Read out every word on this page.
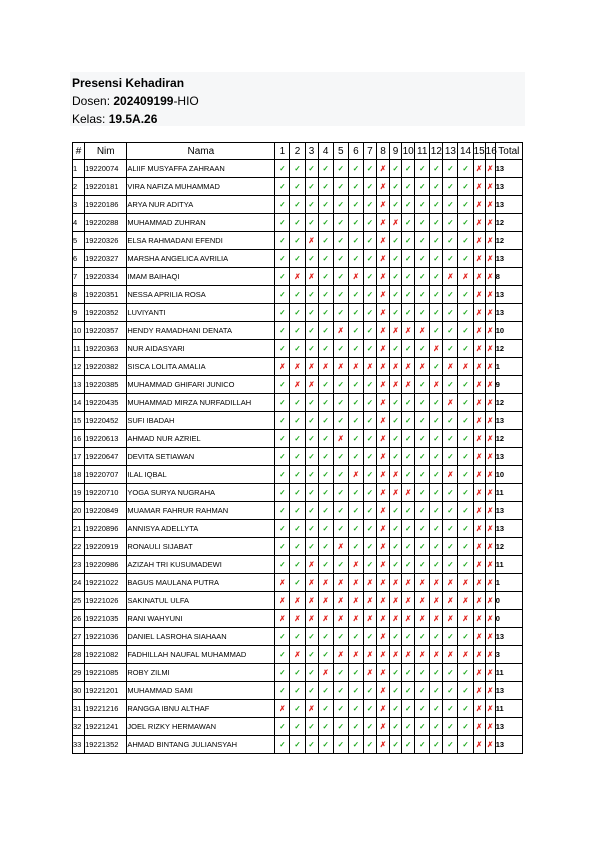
Presensi Kehadiran
Dosen: 202409199-HIO
Kelas: 19.5A.26
#	Nim	Nama	1	2	3	4	5	6	7	8	9	10	11	12	13	14	15	16	Total
1	19220074	ALIIF MUSYAFFA ZAHRAAN	✓	✓	✓	✓	✓	✓	✓	✗	✓	✓	✓	✓	✓	✓	✗	✗	13
2	19220181	VIRA NAFIZA MUHAMMAD	✓	✓	✓	✓	✓	✓	✓	✗	✓	✓	✓	✓	✓	✓	✗	✗	13
3	19220186	ARYA NUR ADITYA	✓	✓	✓	✓	✓	✓	✓	✗	✓	✓	✓	✓	✓	✓	✗	✗	13
4	19220288	MUHAMMAD ZUHRAN	✓	✓	✓	✓	✓	✓	✓	✗	✗	✓	✓	✓	✓	✓	✗	✗	12
5	19220326	ELSA RAHMADANI EFENDI	✓	✓	✗	✓	✓	✓	✓	✗	✓	✓	✓	✓	✓	✓	✗	✗	12
6	19220327	MARSHA ANGELICA AVRILIA	✓	✓	✓	✓	✓	✓	✓	✗	✓	✓	✓	✓	✓	✓	✗	✗	13
7	19220334	IMAM BAIHAQI	✓	✗	✗	✓	✓	✗	✓	✗	✓	✓	✓	✓	✗	✗	✗	✗	8
8	19220351	NESSA APRILIA ROSA	✓	✓	✓	✓	✓	✓	✓	✗	✓	✓	✓	✓	✓	✓	✗	✗	13
9	19220352	LUVIYANTI	✓	✓	✓	✓	✓	✓	✓	✗	✓	✓	✓	✓	✓	✓	✗	✗	13
10	19220357	HENDY RAMADHANI DENATA	✓	✓	✓	✓	✗	✓	✓	✗	✗	✗	✗	✓	✓	✓	✗	✗	10
11	19220363	NUR AIDASYARI	✓	✓	✓	✓	✓	✓	✓	✗	✓	✓	✓	✗	✓	✓	✗	✗	12
12	19220382	SISCA LOLITA AMALIA	✗	✗	✗	✗	✗	✗	✗	✗	✗	✗	✗	✓	✗	✗	✗	✗	1
13	19220385	MUHAMMAD GHIFARI JUNICO	✓	✗	✗	✓	✓	✓	✓	✗	✗	✗	✓	✗	✓	✓	✗	✗	9
14	19220435	MUHAMMAD MIRZA NURFADILLAH	✓	✓	✓	✓	✓	✓	✓	✗	✓	✓	✓	✓	✗	✓	✗	✗	12
15	19220452	SUFI IBADAH	✓	✓	✓	✓	✓	✓	✓	✗	✓	✓	✓	✓	✓	✓	✗	✗	13
16	19220613	AHMAD NUR AZRIEL	✓	✓	✓	✓	✗	✓	✓	✗	✓	✓	✓	✓	✓	✓	✗	✗	12
17	19220647	DEVITA SETIAWAN	✓	✓	✓	✓	✓	✓	✓	✗	✓	✓	✓	✓	✓	✓	✗	✗	13
18	19220707	ILAL IQBAL	✓	✓	✓	✓	✓	✗	✓	✗	✗	✓	✓	✓	✗	✓	✗	✗	10
19	19220710	YOGA SURYA NUGRAHA	✓	✓	✓	✓	✓	✓	✓	✗	✗	✗	✓	✓	✓	✓	✗	✗	11
20	19220849	MUAMAR FAHRUR RAHMAN	✓	✓	✓	✓	✓	✓	✓	✗	✓	✓	✓	✓	✓	✓	✗	✗	13
21	19220896	ANNISYA ADELLYTA	✓	✓	✓	✓	✓	✓	✓	✗	✓	✓	✓	✓	✓	✓	✗	✗	13
22	19220919	RONAULI SIJABAT	✓	✓	✓	✓	✗	✓	✓	✗	✓	✓	✓	✓	✓	✓	✗	✗	12
23	19220986	AZIZAH TRI KUSUMADEWI	✓	✓	✗	✓	✓	✗	✓	✗	✓	✓	✓	✓	✓	✓	✗	✗	11
24	19221022	BAGUS MAULANA PUTRA	✗	✓	✗	✗	✗	✗	✗	✗	✗	✗	✗	✗	✗	✗	✗	✗	1
25	19221026	SAKINATUL ULFA	✗	✗	✗	✗	✗	✗	✗	✗	✗	✗	✗	✗	✗	✗	✗	✗	0
26	19221035	RANI WAHYUNI	✗	✗	✗	✗	✗	✗	✗	✗	✗	✗	✗	✗	✗	✗	✗	✗	0
27	19221036	DANIEL LASROHA SIAHAAN	✓	✓	✓	✓	✓	✓	✓	✗	✓	✓	✓	✓	✓	✓	✗	✗	13
28	19221082	FADHILLAH NAUFAL MUHAMMAD	✓	✗	✓	✓	✗	✗	✗	✗	✗	✗	✗	✗	✗	✗	✗	✗	3
29	19221085	ROBY ZILMI	✓	✓	✓	✗	✓	✓	✗	✗	✓	✓	✓	✓	✓	✓	✗	✗	11
30	19221201	MUHAMMAD SAMI	✓	✓	✓	✓	✓	✓	✓	✗	✓	✓	✓	✓	✓	✓	✗	✗	13
31	19221216	RANGGA IBNU ALTHAF	✗	✓	✗	✓	✓	✓	✓	✗	✓	✓	✓	✓	✓	✓	✗	✗	11
32	19221241	JOEL RIZKY HERMAWAN	✓	✓	✓	✓	✓	✓	✓	✗	✓	✓	✓	✓	✓	✓	✗	✗	13
33	19221352	AHMAD BINTANG JULIANSYAH	✓	✓	✓	✓	✓	✓	✓	✗	✓	✓	✓	✓	✓	✓	✗	✗	13
